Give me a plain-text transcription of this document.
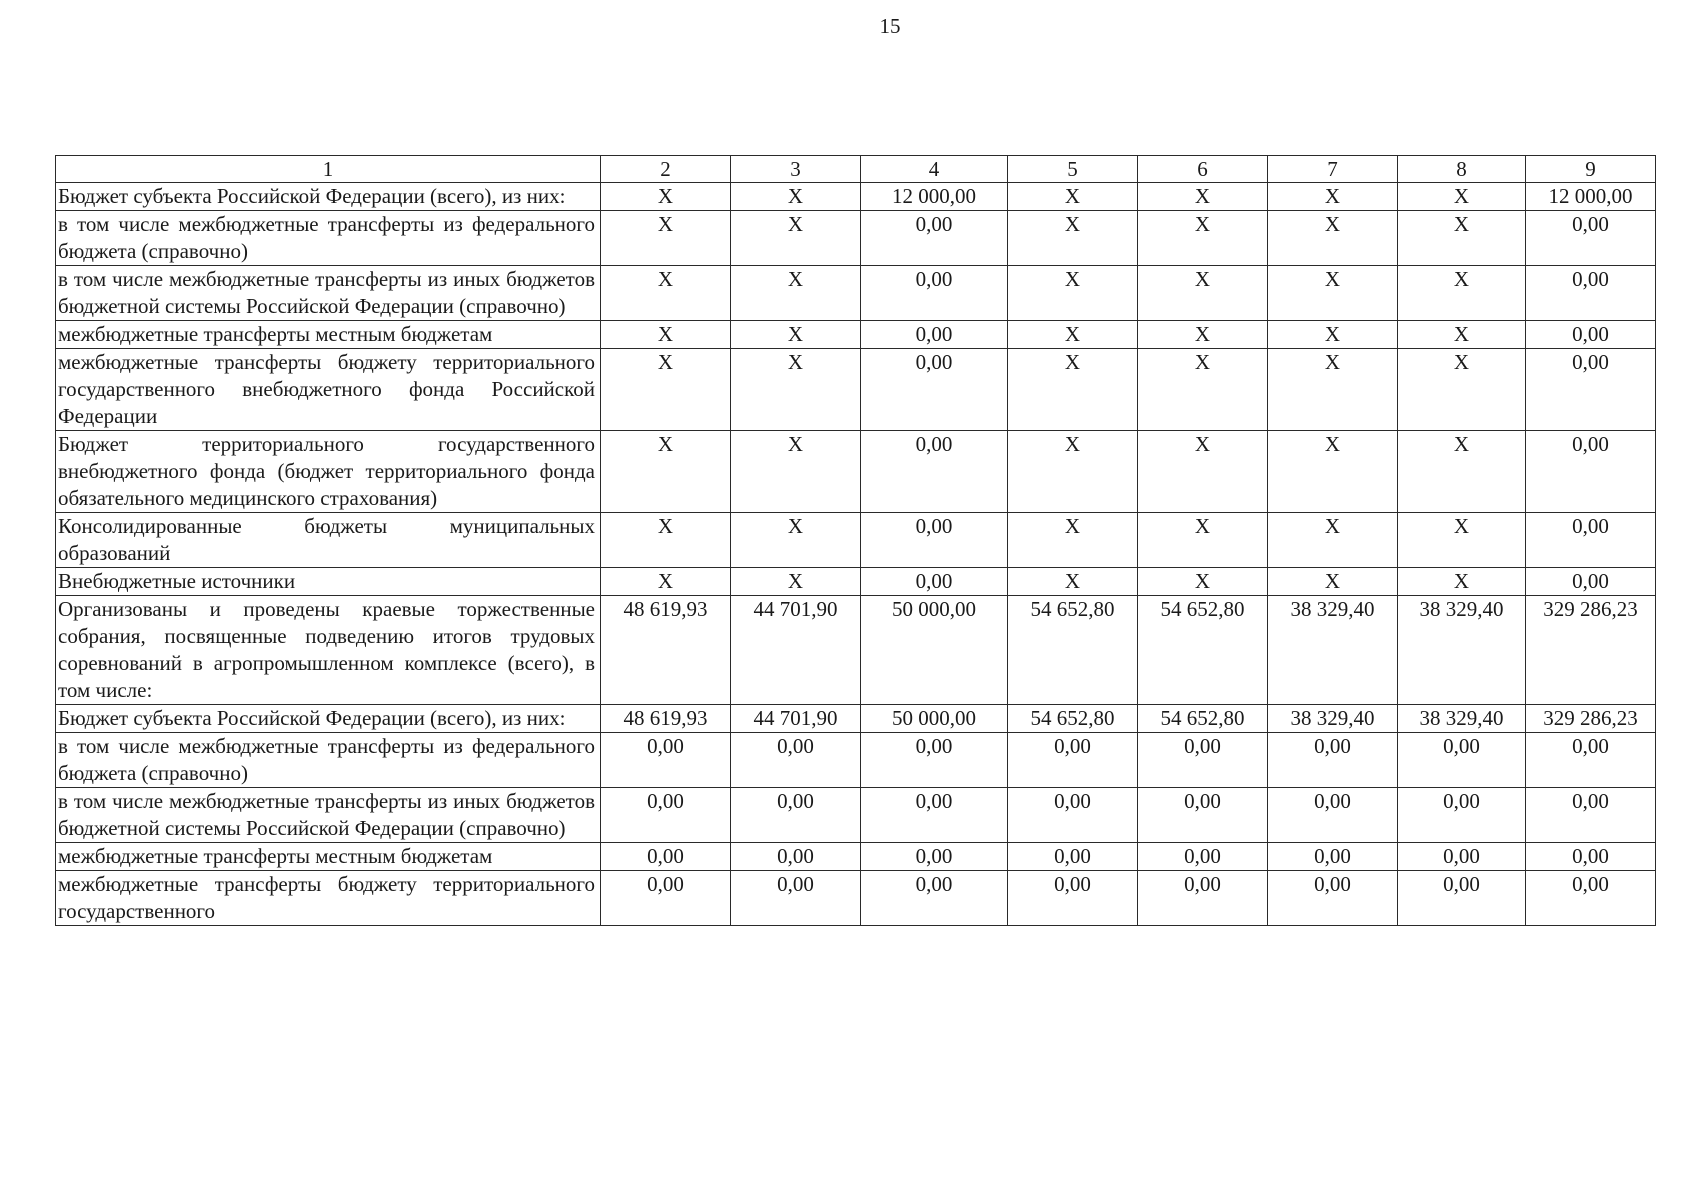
15
1	2	3	4	5	6	7	8	9
Бюджет субъекта Российской Федерации (всего), из них:	X	X	12 000,00	X	X	X	X	12 000,00
в том числе межбюджетные трансферты из федерального бюджета (справочно)	X	X	0,00	X	X	X	X	0,00
в том числе межбюджетные трансферты из иных бюджетов бюджетной системы Российской Федерации (справочно)	X	X	0,00	X	X	X	X	0,00
межбюджетные трансферты местным бюджетам	X	X	0,00	X	X	X	X	0,00
межбюджетные трансферты бюджету территориального государственного внебюджетного фонда Российской Федерации	X	X	0,00	X	X	X	X	0,00
Бюджет территориального государственного внебюджетного фонда (бюджет территориального фонда обязательного медицинского страхования)	X	X	0,00	X	X	X	X	0,00
Консолидированные бюджеты муниципальных образований	X	X	0,00	X	X	X	X	0,00
Внебюджетные источники	X	X	0,00	X	X	X	X	0,00
Организованы и проведены краевые торжественные собрания, посвященные подведению итогов трудовых соревнований в агропромышленном комплексе (всего), в том числе:	48 619,93	44 701,90	50 000,00	54 652,80	54 652,80	38 329,40	38 329,40	329 286,23
Бюджет субъекта Российской Федерации (всего), из них:	48 619,93	44 701,90	50 000,00	54 652,80	54 652,80	38 329,40	38 329,40	329 286,23
в том числе межбюджетные трансферты из федерального бюджета (справочно)	0,00	0,00	0,00	0,00	0,00	0,00	0,00	0,00
в том числе межбюджетные трансферты из иных бюджетов бюджетной системы Российской Федерации (справочно)	0,00	0,00	0,00	0,00	0,00	0,00	0,00	0,00
межбюджетные трансферты местным бюджетам	0,00	0,00	0,00	0,00	0,00	0,00	0,00	0,00
межбюджетные трансферты бюджету территориального государственного	0,00	0,00	0,00	0,00	0,00	0,00	0,00	0,00
